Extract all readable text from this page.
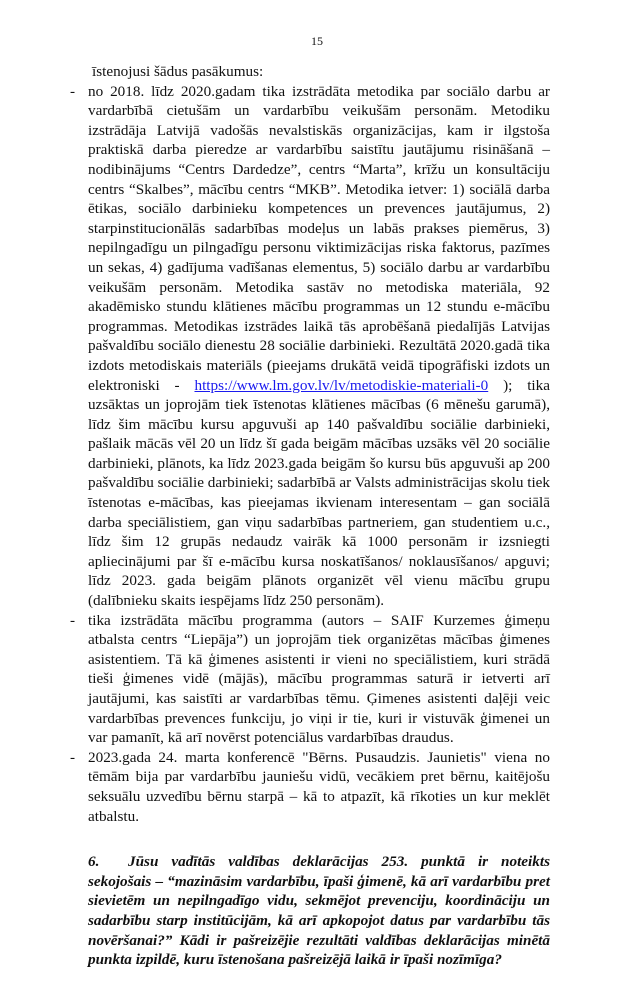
15

īstenojusi šādus pasākumus:

- no 2018. līdz 2020.gadam tika izstrādāta metodika par sociālo darbu ar vardarbībā cietušām un vardarbību veikušām personām. Metodiku izstrādāja Latvijā vadošās nevalstiskās organizācijas, kam ir ilgstoša praktiskā darba pieredze ar vardarbību saistītu jautājumu risināšanā – nodibinājums “Centrs Dardedze”, centrs “Marta”, krīžu un konsultāciju centrs “Skalbes”, mācību centrs “MKB”. Metodika ietver: 1) sociālā darba ētikas, sociālo darbinieku kompetences un prevences jautājumus, 2) starpinstitucionālās sadarbības modeļus un labās prakses piemērus, 3) nepilngadīgu un pilngadīgu personu viktimizācijas riska faktorus, pazīmes un sekas, 4) gadījuma vadīšanas elementus, 5) sociālo darbu ar vardarbību veikušām personām. Metodika sastāv no metodiska materiāla, 92 akadēmisko stundu klātienes mācību programmas un 12 stundu e-mācību programmas. Metodikas izstrādes laikā tās aprobēšanā piedalījās Latvijas pašvaldību sociālo dienestu 28 sociālie darbinieki. Rezultātā 2020.gadā tika izdots metodiskais materiāls (pieejams drukātā veidā tipogrāfiski izdots un elektroniski - https://www.lm.gov.lv/lv/metodiskie-materiali-0 ); tika uzsāktas un joprojām tiek īstenotas klātienes mācības (6 mēnešu garumā), līdz šim mācību kursu apguvuši ap 140 pašvaldību sociālie darbinieki, pašlaik mācās vēl 20 un līdz šī gada beigām mācības uzsāks vēl 20 sociālie darbinieki, plānots, ka līdz 2023.gada beigām šo kursu būs apguvuši ap 200 pašvaldību sociālie darbinieki; sadarbībā ar Valsts administrācijas skolu tiek īstenotas e-mācības, kas pieejamas ikvienam interesentam – gan sociālā darba speciālistiem, gan viņu sadarbības partneriem, gan studentiem u.c., līdz šim 12 grupās nedaudz vairāk kā 1000 personām ir izsniegti apliecinājumi par šī e-mācību kursa noskatīšanos/ noklausīšanos/ apguvi; līdz 2023. gada beigām plānots organizēt vēl vienu mācību grupu (dalībnieku skaits iespējams līdz 250 personām).
- tika izstrādāta mācību programma (autors – SAIF Kurzemes ģimeņu atbalsta centrs “Liepāja”) un joprojām tiek organizētas mācības ģimenes asistentiem. Tā kā ģimenes asistenti ir vieni no speciālistiem, kuri strādā tieši ģimenes vidē (mājās), mācību programmas saturā ir ietverti arī jautājumi, kas saistīti ar vardarbības tēmu. Ģimenes asistenti daļēji veic vardarbības prevences funkciju, jo viņi ir tie, kuri ir vistuvāk ģimenei un var pamanīt, kā arī novērst potenciālus vardarbības draudus.
- 2023.gada 24. marta konferencē "Bērns. Pusaudzis. Jaunietis" viena no tēmām bija par vardarbību jauniešu vidū, vecākiem pret bērnu, kaitējošu seksuālu uzvedību bērnu starpā – kā to atpazīt, kā rīkoties un kur meklēt atbalstu.

6. Jūsu vadītās valdības deklarācijas 253. punktā ir noteikts sekojošais – “mazināsim vardarbību, īpaši ģimenē, kā arī vardarbību pret sievietēm un nepilngadīgo vidu, sekmējot prevenciju, koordināciju un sadarbību starp institūcijām, kā arī apkopojot datus par vardarbību tās novēršanai?” Kādi ir pašreizējie rezultāti valdības deklarācijas minētā punkta izpildē, kuru īstenošana pašreizējā laikā ir īpaši nozīmīga?
